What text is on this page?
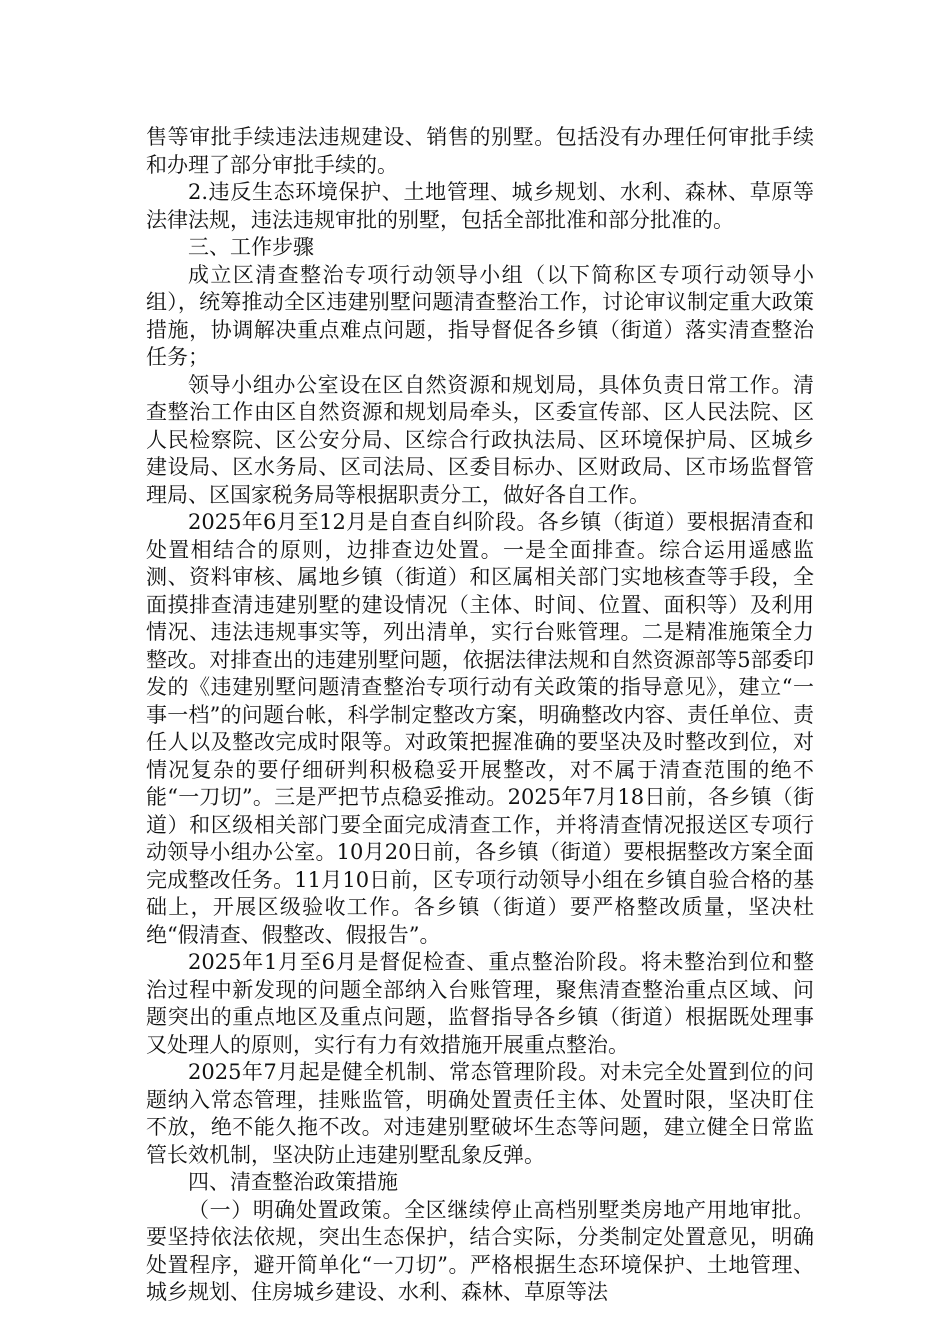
售等审批手续违法违规建设、销售的别墅。包括没有办理任何审批手续和办理了部分审批手续的。

2.违反生态环境保护、土地管理、城乡规划、水利、森林、草原等法律法规，违法违规审批的别墅，包括全部批准和部分批准的。

三、工作步骤

成立区清查整治专项行动领导小组（以下简称区专项行动领导小组），统筹推动全区违建别墅问题清查整治工作，讨论审议制定重大政策措施，协调解决重点难点问题，指导督促各乡镇（街道）落实清查整治任务；

领导小组办公室设在区自然资源和规划局，具体负责日常工作。清查整治工作由区自然资源和规划局牵头，区委宣传部、区人民法院、区人民检察院、区公安分局、区综合行政执法局、区环境保护局、区城乡建设局、区水务局、区司法局、区委目标办、区财政局、区市场监督管理局、区国家税务局等根据职责分工，做好各自工作。

2025年6月至12月是自查自纠阶段。各乡镇（街道）要根据清查和处置相结合的原则，边排查边处置。一是全面排查。综合运用遥感监测、资料审核、属地乡镇（街道）和区属相关部门实地核查等手段，全面摸排查清违建别墅的建设情况（主体、时间、位置、面积等）及利用情况、违法违规事实等，列出清单，实行台账管理。二是精准施策全力整改。对排查出的违建别墅问题，依据法律法规和自然资源部等5部委印发的《违建别墅问题清查整治专项行动有关政策的指导意见》，建立“一事一档”的问题台帐，科学制定整改方案，明确整改内容、责任单位、责任人以及整改完成时限等。对政策把握准确的要坚决及时整改到位，对情况复杂的要仔细研判积极稳妥开展整改，对不属于清查范围的绝不能“一刀切”。三是严把节点稳妥推动。2025年7月18日前，各乡镇（街道）和区级相关部门要全面完成清查工作，并将清查情况报送区专项行动领导小组办公室。10月20日前，各乡镇（街道）要根据整改方案全面完成整改任务。11月10日前，区专项行动领导小组在乡镇自验合格的基础上，开展区级验收工作。各乡镇（街道）要严格整改质量，坚决杜绝“假清查、假整改、假报告”。

2025年1月至6月是督促检查、重点整治阶段。将未整治到位和整治过程中新发现的问题全部纳入台账管理，聚焦清查整治重点区域、问题突出的重点地区及重点问题，监督指导各乡镇（街道）根据既处理事又处理人的原则，实行有力有效措施开展重点整治。

2025年7月起是健全机制、常态管理阶段。对未完全处置到位的问题纳入常态管理，挂账监管，明确处置责任主体、处置时限，坚决盯住不放，绝不能久拖不改。对违建别墅破坏生态等问题，建立健全日常监管长效机制，坚决防止违建别墅乱象反弹。

四、清查整治政策措施

（一）明确处置政策。全区继续停止高档别墅类房地产用地审批。要坚持依法依规，突出生态保护，结合实际，分类制定处置意见，明确处置程序，避开简单化“一刀切”。严格根据生态环境保护、土地管理、城乡规划、住房城乡建设、水利、森林、草原等法
